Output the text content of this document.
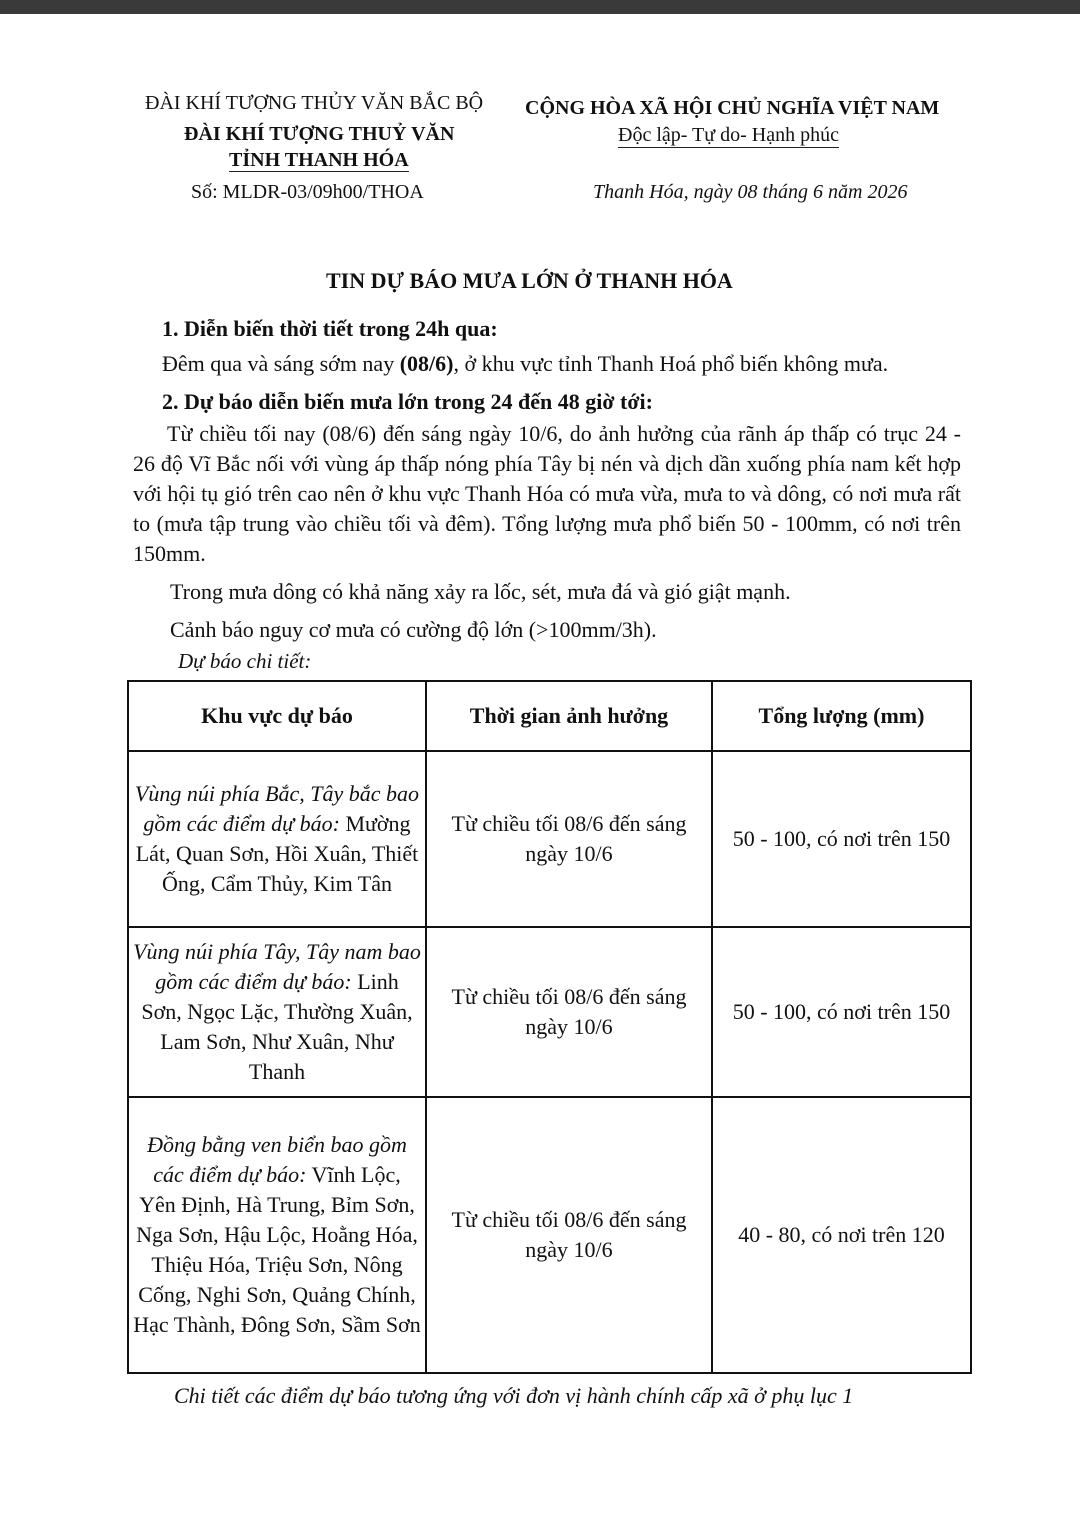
ĐÀI KHÍ TƯỢNG THỦY VĂN BẮC BỘ
ĐÀI KHÍ TƯỢNG THUỶ VĂN
TỈNH THANH HÓA
Số: MLDR-03/09h00/THOA
CỘNG HÒA XÃ HỘI CHỦ NGHĨA VIỆT NAM
Độc lập- Tự do- Hạnh phúc
Thanh Hóa, ngày 08 tháng 6 năm 2026
TIN DỰ BÁO MƯA LỚN Ở THANH HÓA
1. Diễn biến thời tiết trong 24h qua:
Đêm qua và sáng sớm nay (08/6), ở khu vực tỉnh Thanh Hoá phổ biến không mưa.
2. Dự báo diễn biến mưa lớn trong 24 đến 48 giờ tới:
Từ chiều tối nay (08/6) đến sáng ngày 10/6, do ảnh hưởng của rãnh áp thấp có trục 24 - 26 độ Vĩ Bắc nối với vùng áp thấp nóng phía Tây bị nén và dịch dần xuống phía nam kết hợp với hội tụ gió trên cao nên ở khu vực Thanh Hóa có mưa vừa, mưa to và dông, có nơi mưa rất to (mưa tập trung vào chiều tối và đêm). Tổng lượng mưa phổ biến 50 - 100mm, có nơi trên 150mm.
Trong mưa dông có khả năng xảy ra lốc, sét, mưa đá và gió giật mạnh.
Cảnh báo nguy cơ mưa có cường độ lớn (>100mm/3h).
Dự báo chi tiết:
Khu vực dự báo	Thời gian ảnh hưởng	Tổng lượng (mm)
Vùng núi phía Bắc, Tây bắc bao gồm các điểm dự báo: Mường Lát, Quan Sơn, Hồi Xuân, Thiết Ống, Cẩm Thủy, Kim Tân	Từ chiều tối 08/6 đến sáng ngày 10/6	50 - 100, có nơi trên 150
Vùng núi phía Tây, Tây nam bao gồm các điểm dự báo: Linh Sơn, Ngọc Lặc, Thường Xuân, Lam Sơn, Như Xuân, Như Thanh	Từ chiều tối 08/6 đến sáng ngày 10/6	50 - 100, có nơi trên 150
Đồng bằng ven biển bao gồm các điểm dự báo: Vĩnh Lộc, Yên Định, Hà Trung, Bỉm Sơn, Nga Sơn, Hậu Lộc, Hoằng Hóa, Thiệu Hóa, Triệu Sơn, Nông Cống, Nghi Sơn, Quảng Chính, Hạc Thành, Đông Sơn, Sầm Sơn	Từ chiều tối 08/6 đến sáng ngày 10/6	40 - 80, có nơi trên 120
Chi tiết các điểm dự báo tương ứng với đơn vị hành chính cấp xã ở phụ lục 1
